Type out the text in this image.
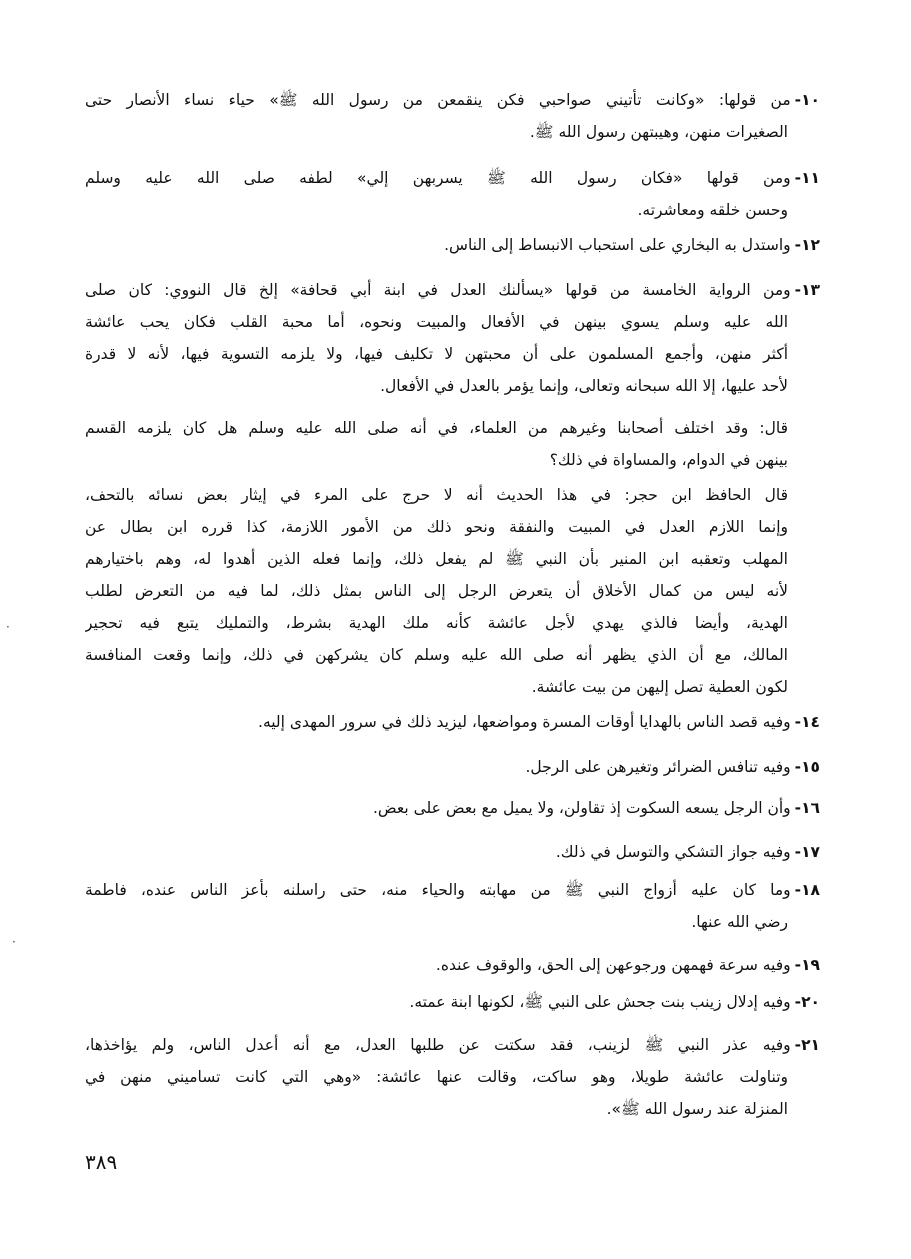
١٠-من قولها: «وكانت تأتيني صواحبي فكن ينقمعن من رسول الله ﷺ» حياء نساء الأنصار حتى
الصغيرات منهن، وهيبتهن رسول الله ﷺ.
١١-ومن قولها «فكان رسول الله ﷺ يسربهن إلي» لطفه صلى الله عليه وسلم
وحسن خلقه ومعاشرته.
١٢-واستدل به البخاري على استحباب الانبساط إلى الناس.
١٣-ومن الرواية الخامسة من قولها «يسألنك العدل في ابنة أبي قحافة» إلخ قال النووي: كان صلى
الله عليه وسلم يسوي بينهن في الأفعال والمبيت ونحوه، أما محبة القلب فكان يحب عائشة
أكثر منهن، وأجمع المسلمون على أن محبتهن لا تكليف فيها، ولا يلزمه التسوية فيها، لأنه لا قدرة
لأحد عليها، إلا الله سبحانه وتعالى، وإنما يؤمر بالعدل في الأفعال.
قال: وقد اختلف أصحابنا وغيرهم من العلماء، في أنه صلى الله عليه وسلم هل كان يلزمه القسم
بينهن في الدوام، والمساواة في ذلك؟
قال الحافظ ابن حجر: في هذا الحديث أنه لا حرج على المرء في إيثار بعض نسائه بالتحف،
وإنما اللازم العدل في المبيت والنفقة ونحو ذلك من الأمور اللازمة، كذا قرره ابن بطال عن
المهلب وتعقبه ابن المنير بأن النبي ﷺ لم يفعل ذلك، وإنما فعله الذين أهدوا له، وهم باختيارهم
لأنه ليس من كمال الأخلاق أن يتعرض الرجل إلى الناس بمثل ذلك، لما فيه من التعرض لطلب
الهدية، وأيضا فالذي يهدي لأجل عائشة كأنه ملك الهدية بشرط، والتمليك يتبع فيه تحجير
المالك، مع أن الذي يظهر أنه صلى الله عليه وسلم كان يشركهن في ذلك، وإنما وقعت المنافسة
لكون العطية تصل إليهن من بيت عائشة.
١٤-وفيه قصد الناس بالهدايا أوقات المسرة ومواضعها، ليزيد ذلك في سرور المهدى إليه.
١٥-وفيه تنافس الضرائر وتغيرهن على الرجل.
١٦-وأن الرجل يسعه السكوت إذ تقاولن، ولا يميل مع بعض على بعض.
١٧-وفيه جواز التشكي والتوسل في ذلك.
١٨-وما كان عليه أزواج النبي ﷺ من مهابته والحياء منه، حتى راسلنه بأعز الناس عنده، فاطمة
رضي الله عنها.
١٩-وفيه سرعة فهمهن ورجوعهن إلى الحق، والوقوف عنده.
٢٠-وفيه إدلال زينب بنت جحش على النبي ﷺ، لكونها ابنة عمته.
٢١-وفيه عذر النبي ﷺ لزينب، فقد سكتت عن طلبها العدل، مع أنه أعدل الناس، ولم يؤاخذها،
وتناولت عائشة طويلا، وهو ساكت، وقالت عنها عائشة: «وهي التي كانت تساميني منهن في
المنزلة عند رسول الله ﷺ».
٣٨٩
·
·
